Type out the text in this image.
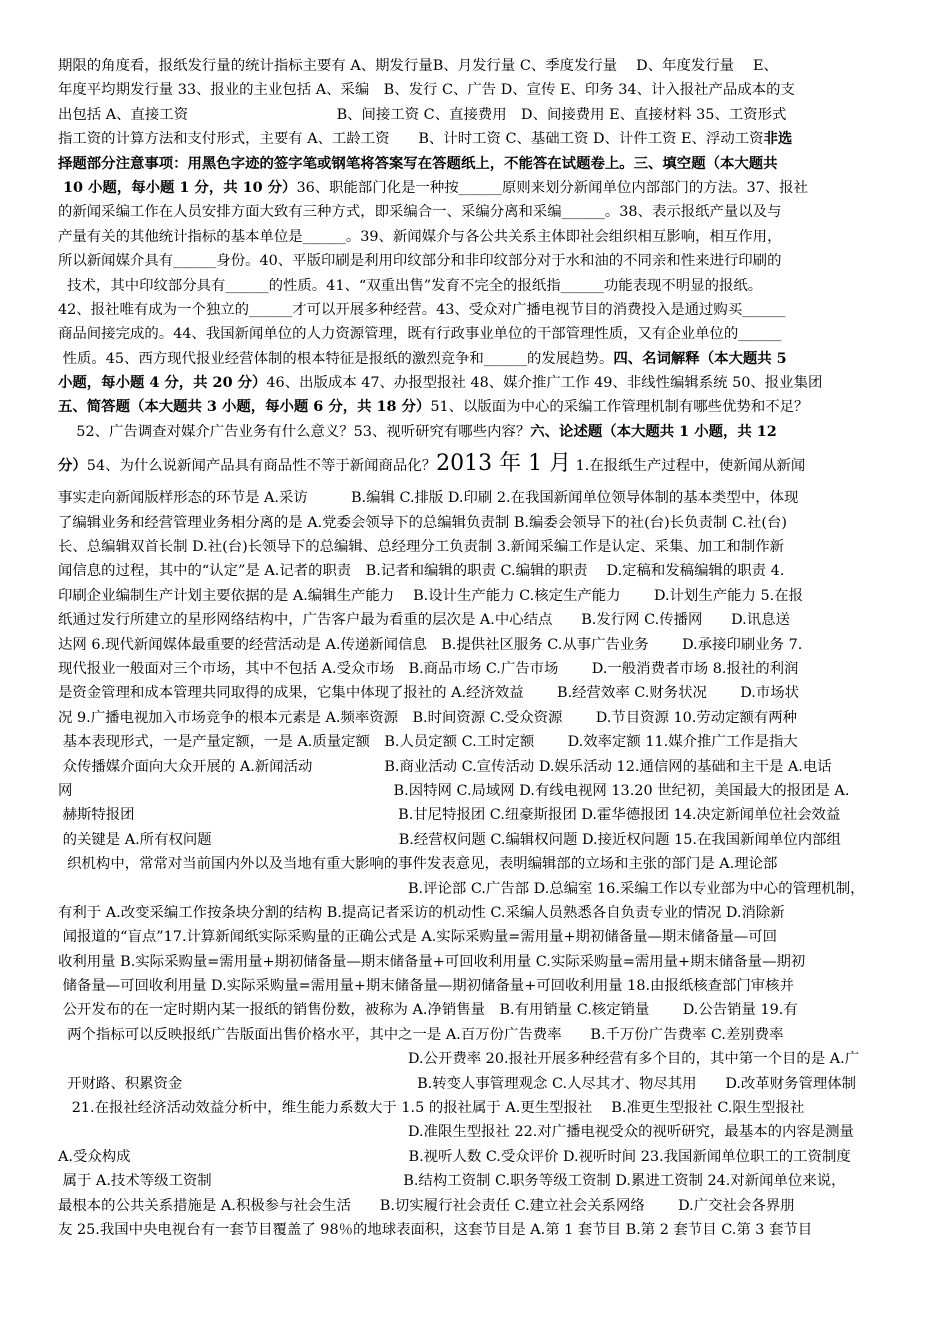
期限的角度看，报纸发行量的统计指标主要有 A、期发行量B、月发行量 C、季度发行量　 D、年度发行量　 E、
年度平均期发行量 33、报业的主业包括 A、采编　B、发行 C、广告 D、宣传 E、印务 34、计入报社产品成本的支
出包括 A、直接工资　　　　　　　　　　 B、间接工资 C、直接费用　D、间接费用 E、直接材料 35、工资形式
指工资的计算方法和支付形式，主要有 A、工龄工资　　B、计时工资 C、基础工资 D、计件工资 E、浮动工资非选
择题部分注意事项：用黑色字迹的签字笔或钢笔将答案写在答题纸上，不能答在试题卷上。三、填空题（本大题共
10 小题，每小题 1 分，共 10 分）36、职能部门化是一种按______原则来划分新闻单位内部部门的方法。37、报社
的新闻采编工作在人员安排方面大致有三种方式，即采编合一、采编分离和采编______。38、表示报纸产量以及与
产量有关的其他统计指标的基本单位是______。39、新闻媒介与各公共关系主体即社会组织相互影响，相互作用，
所以新闻媒介具有______身份。40、平版印刷是利用印纹部分和非印纹部分对于水和油的不同亲和性来进行印刷的
技术，其中印纹部分具有______的性质。41、“双重出售”发育不完全的报纸指______功能表现不明显的报纸。
42、报社唯有成为一个独立的______才可以开展多种经营。43、受众对广播电视节目的消费投入是通过购买______
商品间接完成的。44、我国新闻单位的人力资源管理，既有行政事业单位的干部管理性质，又有企业单位的______
性质。45、西方现代报业经营体制的根本特征是报纸的激烈竞争和______的发展趋势。四、名词解释（本大题共 5
小题，每小题 4 分，共 20 分）46、出版成本 47、办报型报社 48、媒介推广工作 49、非线性编辑系统 50、报业集团
五、简答题（本大题共 3 小题，每小题 6 分，共 18 分）51、以版面为中心的采编工作管理机制有哪些优势和不足？
52、广告调查对媒介广告业务有什么意义？53、视听研究有哪些内容？六、论述题（本大题共 1 小题，共 12
分）54、为什么说新闻产品具有商品性不等于新闻商品化？2013 年 1 月 1.在报纸生产过程中，使新闻从新闻
事实走向新闻版样形态的环节是 A.采访　　　B.编辑 C.排版 D.印刷 2.在我国新闻单位领导体制的基本类型中，体现
了编辑业务和经营管理业务相分离的是 A.党委会领导下的总编辑负责制 B.编委会领导下的社(台)长负责制 C.社(台)
长、总编辑双首长制 D.社(台)长领导下的总编辑、总经理分工负责制 3.新闻采编工作是认定、采集、加工和制作新
闻信息的过程，其中的“认定”是 A.记者的职责　B.记者和编辑的职责 C.编辑的职责　 D.定稿和发稿编辑的职责 4.
印刷企业编制生产计划主要依据的是 A.编辑生产能力　 B.设计生产能力 C.核定生产能力　　 D.计划生产能力 5.在报
纸通过发行所建立的星形网络结构中，广告客户最为看重的层次是 A.中心结点　　B.发行网 C.传播网　　D.讯息送
达网 6.现代新闻媒体最重要的经营活动是 A.传递新闻信息　B.提供社区服务 C.从事广告业务　　 D.承接印刷业务 7.
现代报业一般面对三个市场，其中不包括 A.受众市场　B.商品市场 C.广告市场　　 D.一般消费者市场 8.报社的利润
是资金管理和成本管理共同取得的成果，它集中体现了报社的 A.经济效益　　 B.经营效率 C.财务状况　　 D.市场状
况 9.广播电视加入市场竞争的根本元素是 A.频率资源　B.时间资源 C.受众资源　　 D.节目资源 10.劳动定额有两种
基本表现形式，一是产量定额，一是 A.质量定额　B.人员定额 C.工时定额　　 D.效率定额 11.媒介推广工作是指大
众传播媒介面向大众开展的 A.新闻活动　　　　　B.商业活动 C.宣传活动 D.娱乐活动 12.通信网的基础和主干是 A.电话
网　　　　　　　　　　　　　　　　　　　　　　 B.因特网 C.局域网 D.有线电视网 13.20 世纪初，美国最大的报团是 A.
赫斯特报团　　　　　　　　　　　　　　　　　　 B.甘尼特报团 C.纽豪斯报团 D.霍华德报团 14.决定新闻单位社会效益
的关键是 A.所有权问题　　　　　　　　　　　　　B.经营权问题 C.编辑权问题 D.接近权问题 15.在我国新闻单位内部组
织机构中，常常对当前国内外以及当地有重大影响的事件发表意见，表明编辑部的立场和主张的部门是 A.理论部
　　　　　　　　　　　　　　　　　　　　　　　　 B.评论部 C.广告部 D.总编室 16.采编工作以专业部为中心的管理机制，
有利于 A.改变采编工作按条块分割的结构 B.提高记者采访的机动性 C.采编人员熟悉各自负责专业的情况 D.消除新
闻报道的“盲点”17.计算新闻纸实际采购量的正确公式是 A.实际采购量=需用量+期初储备量—期末储备量—可回
收利用量 B.实际采购量=需用量+期初储备量—期末储备量+可回收利用量 C.实际采购量=需用量+期末储备量—期初
储备量—可回收利用量 D.实际采购量=需用量+期末储备量—期初储备量+可回收利用量 18.由报纸核查部门审核并
公开发布的在一定时期内某一报纸的销售份数，被称为 A.净销售量　B.有用销量 C.核定销量　　 D.公告销量 19.有
两个指标可以反映报纸广告版面出售价格水平，其中之一是 A.百万份广告费率　　B.千万份广告费率 C.差别费率
　　　　　　　　　　　　　　　　　　　　　　　　 D.公开费率 20.报社开展多种经营有多个目的，其中第一个目的是 A.广
开财路、积累资金　　　　　　　　　　　　　　　　 B.转变人事管理观念 C.人尽其才、物尽其用　　D.改革财务管理体制
21.在报社经济活动效益分析中，维生能力系数大于 1.5 的报社属于 A.更生型报社　 B.准更生型报社 C.限生型报社
　　　　　　　　　　　　　　　　　　　　　　　　 D.准限生型报社 22.对广播电视受众的视听研究，最基本的内容是测量
A.受众构成　　　　　　　　　　　　　　　　　　　 B.视听人数 C.受众评价 D.视听时间 23.我国新闻单位职工的工资制度
属于 A.技术等级工资制　　　　　　　　　　　　　 B.结构工资制 C.职务等级工资制 D.累进工资制 24.对新闻单位来说，
最根本的公共关系措施是 A.积极参与社会生活　　B.切实履行社会责任 C.建立社会关系网络　　 D.广交社会各界朋
友 25.我国中央电视台有一套节目覆盖了 98％的地球表面积，这套节目是 A.第 1 套节目 B.第 2 套节目 C.第 3 套节目
